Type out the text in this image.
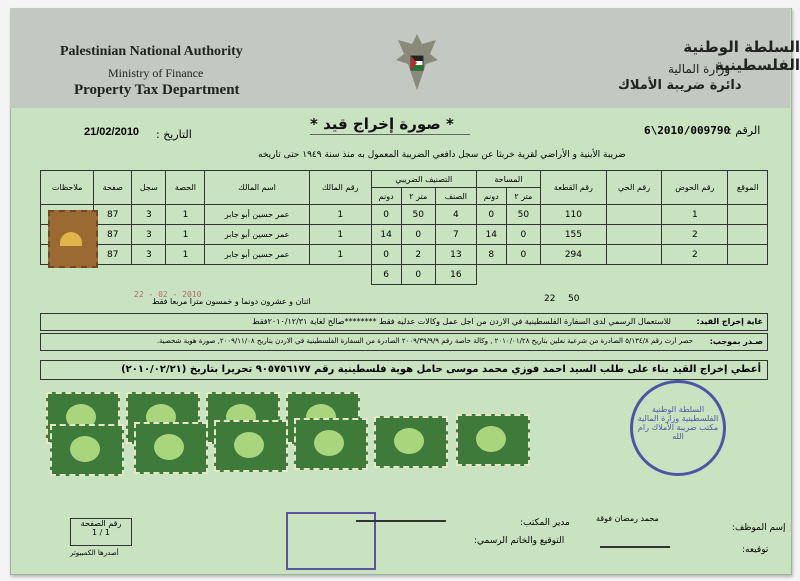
Palestinian National Authority
Ministry of Finance
Property Tax Department
السلطة الوطنية الفلسطينية
وزارة المالية
دائرة ضريبة الأملاك
* صورة إخراج قيد *	الرقم :
6\2010/009790
التاريخ :
21/02/2010
ضريبة الأبنية و الأراضي لقرية خربثا عن سجل دافعي الضريبة المعمول به منذ سنة ١٩٤٩ حتى تاريخه
الموقع	رقم الحوض	رقم الحي	رقم القطعة	المساحة		التصنيف الضريبي			رقم المالك	اسم المالك	الحصة	سجل	صفحة	ملاحظات
				متر ٢	دونم	الصنف	متر ٢	دونم						
	1		110	50	0	4	50	0	1	عمر حسين أبو جابر	1	3	87	
	2		155	0	14	7	0	14	1	عمر حسين أبو جابر	1	3	87	
	2		294	0	8	13	2	0	1	عمر حسين أبو جابر	1	3	87	
						16	0	6						
22 - 02 - 2010
اثنان و عشرون دونما و خمسون مترا مربعا فقط	22 50
غاية إخراج القيد:
للاستعمال الرسمي لدى السفارة الفلسطينية في الاردن من اجل عمل وكالات عدليه فقط ********صالح لغاية ٢٠١٠/١٢/٣١فقط
صـدر بموجب:
حصر ارث رقم ٥/١٣٤/٨ الصادرة من شرعية نعلين بتاريخ ٢٠١٠/٠١/٢٨ , وكالة خاصة رقم ٢٠٠٩/٣٩/٩/٩ الصادرة من السفارة الفلسطينية في الاردن بتاريخ ٢٠٠٩/١١/٠٨, صورة هوية شخصية.
أعطي إخراج القيد بناء على طلب السيد احمد فوزي محمد موسى حامل هوية فلسطينية رقم ٩٠٥٧٥٦١٧٧ تحريرا بتاريخ (٢٠١٠/٠٢/٢١)
السلطة الوطنية الفلسطينية وزارة المالية مكتب ضريبة الأملاك رام الله
رقم الصفحة
1 / 1
أصدرها الكمبيوتر
مدير المكتب:
التوقيع والخاتم الرسمي:
إسم الموظف:
محمد رمضان فوقة
توقيعه:
